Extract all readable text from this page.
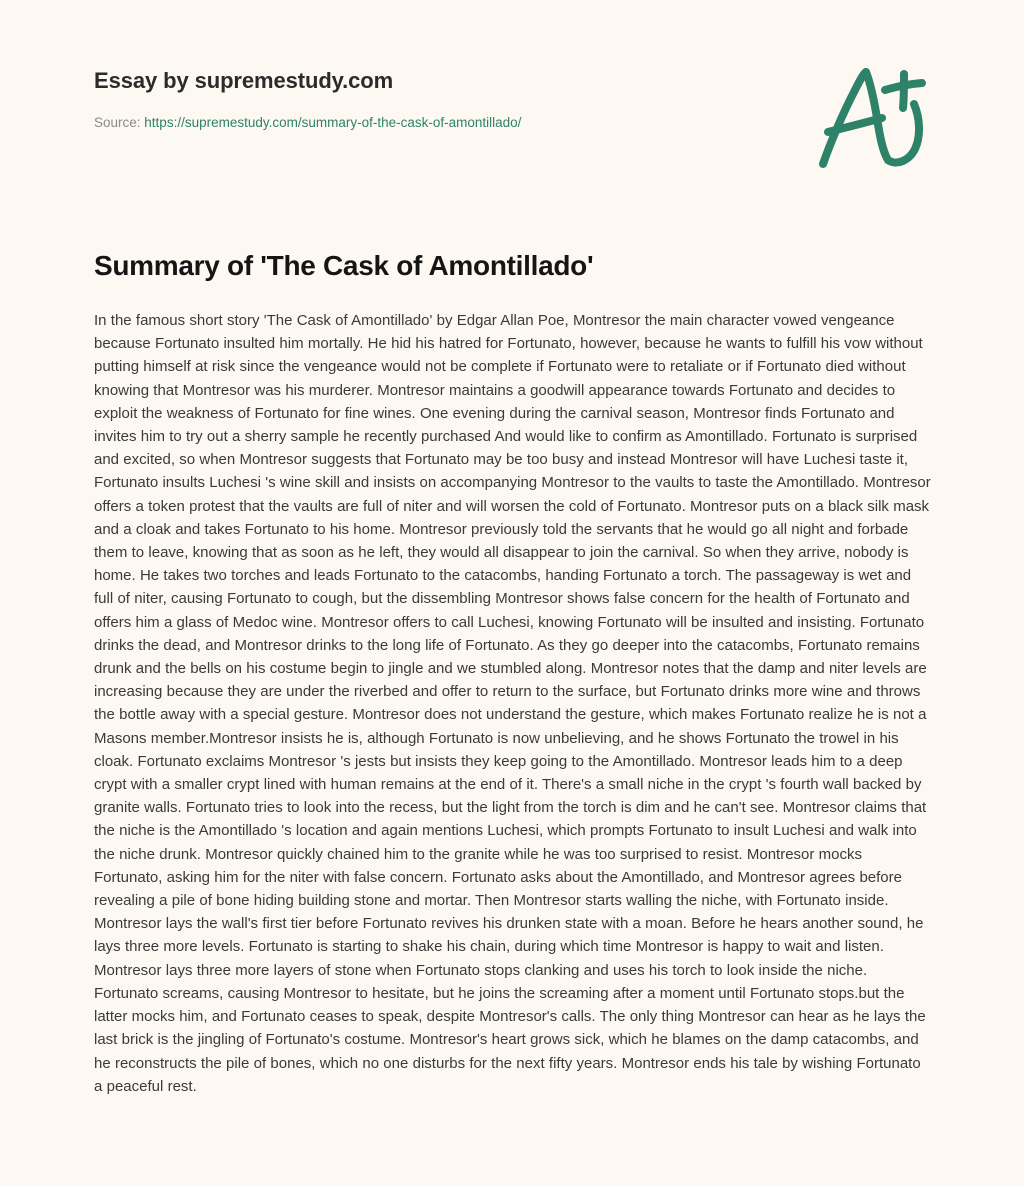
Essay by supremestudy.com
Source: https://supremestudy.com/summary-of-the-cask-of-amontillado/
Summary of 'The Cask of Amontillado'

In the famous short story 'The Cask of Amontillado' by Edgar Allan Poe, Montresor the main character vowed vengeance because Fortunato insulted him mortally. He hid his hatred for Fortunato, however, because he wants to fulfill his vow without putting himself at risk since the vengeance would not be complete if Fortunato were to retaliate or if Fortunato died without knowing that Montresor was his murderer. Montresor maintains a goodwill appearance towards Fortunato and decides to exploit the weakness of Fortunato for fine wines. One evening during the carnival season, Montresor finds Fortunato and invites him to try out a sherry sample he recently purchased And would like to confirm as Amontillado. Fortunato is surprised and excited, so when Montresor suggests that Fortunato may be too busy and instead Montresor will have Luchesi taste it, Fortunato insults Luchesi 's wine skill and insists on accompanying Montresor to the vaults to taste the Amontillado. Montresor offers a token protest that the vaults are full of niter and will worsen the cold of Fortunato. Montresor puts on a black silk mask and a cloak and takes Fortunato to his home. Montresor previously told the servants that he would go all night and forbade them to leave, knowing that as soon as he left, they would all disappear to join the carnival. So when they arrive, nobody is home. He takes two torches and leads Fortunato to the catacombs, handing Fortunato a torch. The passageway is wet and full of niter, causing Fortunato to cough, but the dissembling Montresor shows false concern for the health of Fortunato and offers him a glass of Medoc wine. Montresor offers to call Luchesi, knowing Fortunato will be insulted and insisting. Fortunato drinks the dead, and Montresor drinks to the long life of Fortunato. As they go deeper into the catacombs, Fortunato remains drunk and the bells on his costume begin to jingle and we stumbled along. Montresor notes that the damp and niter levels are increasing because they are under the riverbed and offer to return to the surface, but Fortunato drinks more wine and throws the bottle away with a special gesture. Montresor does not understand the gesture, which makes Fortunato realize he is not a Masons member.Montresor insists he is, although Fortunato is now unbelieving, and he shows Fortunato the trowel in his cloak. Fortunato exclaims Montresor 's jests but insists they keep going to the Amontillado. Montresor leads him to a deep crypt with a smaller crypt lined with human remains at the end of it. There's a small niche in the crypt 's fourth wall backed by granite walls. Fortunato tries to look into the recess, but the light from the torch is dim and he can't see. Montresor claims that the niche is the Amontillado 's location and again mentions Luchesi, which prompts Fortunato to insult Luchesi and walk into the niche drunk. Montresor quickly chained him to the granite while he was too surprised to resist. Montresor mocks Fortunato, asking him for the niter with false concern. Fortunato asks about the Amontillado, and Montresor agrees before revealing a pile of bone hiding building stone and mortar. Then Montresor starts walling the niche, with Fortunato inside. Montresor lays the wall's first tier before Fortunato revives his drunken state with a moan. Before he hears another sound, he lays three more levels. Fortunato is starting to shake his chain, during which time Montresor is happy to wait and listen. Montresor lays three more layers of stone when Fortunato stops clanking and uses his torch to look inside the niche. Fortunato screams, causing Montresor to hesitate, but he joins the screaming after a moment until Fortunato stops.but the latter mocks him, and Fortunato ceases to speak, despite Montresor's calls. The only thing Montresor can hear as he lays the last brick is the jingling of Fortunato's costume. Montresor's heart grows sick, which he blames on the damp catacombs, and he reconstructs the pile of bones, which no one disturbs for the next fifty years. Montresor ends his tale by wishing Fortunato a peaceful rest.
